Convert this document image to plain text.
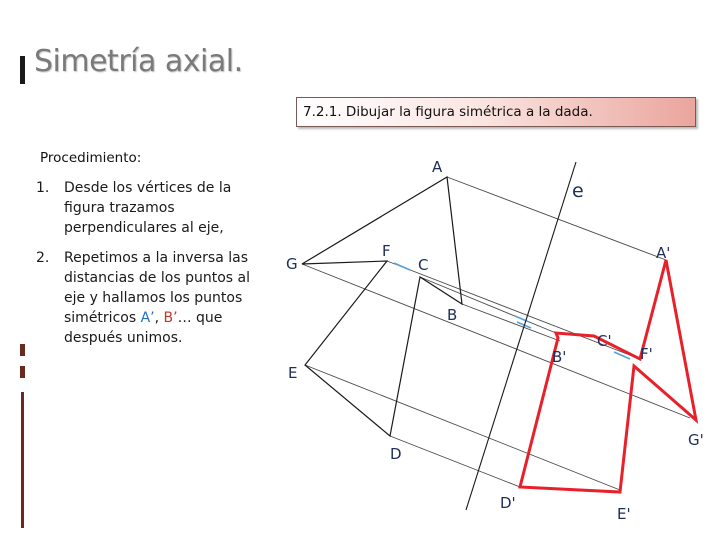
Simetría axial.
7.2.1. Dibujar la figura simétrica a la dada.
Procedimiento:
1. Desde los vértices de la figura trazamos perpendiculares al eje,
2. Repetimos a la inversa las distancias de los puntos al eje y hallamos los puntos simétricos A’, B’… que después unimos.
A
F
G	C
B
E
D
e
A'
C'
B'	F'
G'
D'
E'
